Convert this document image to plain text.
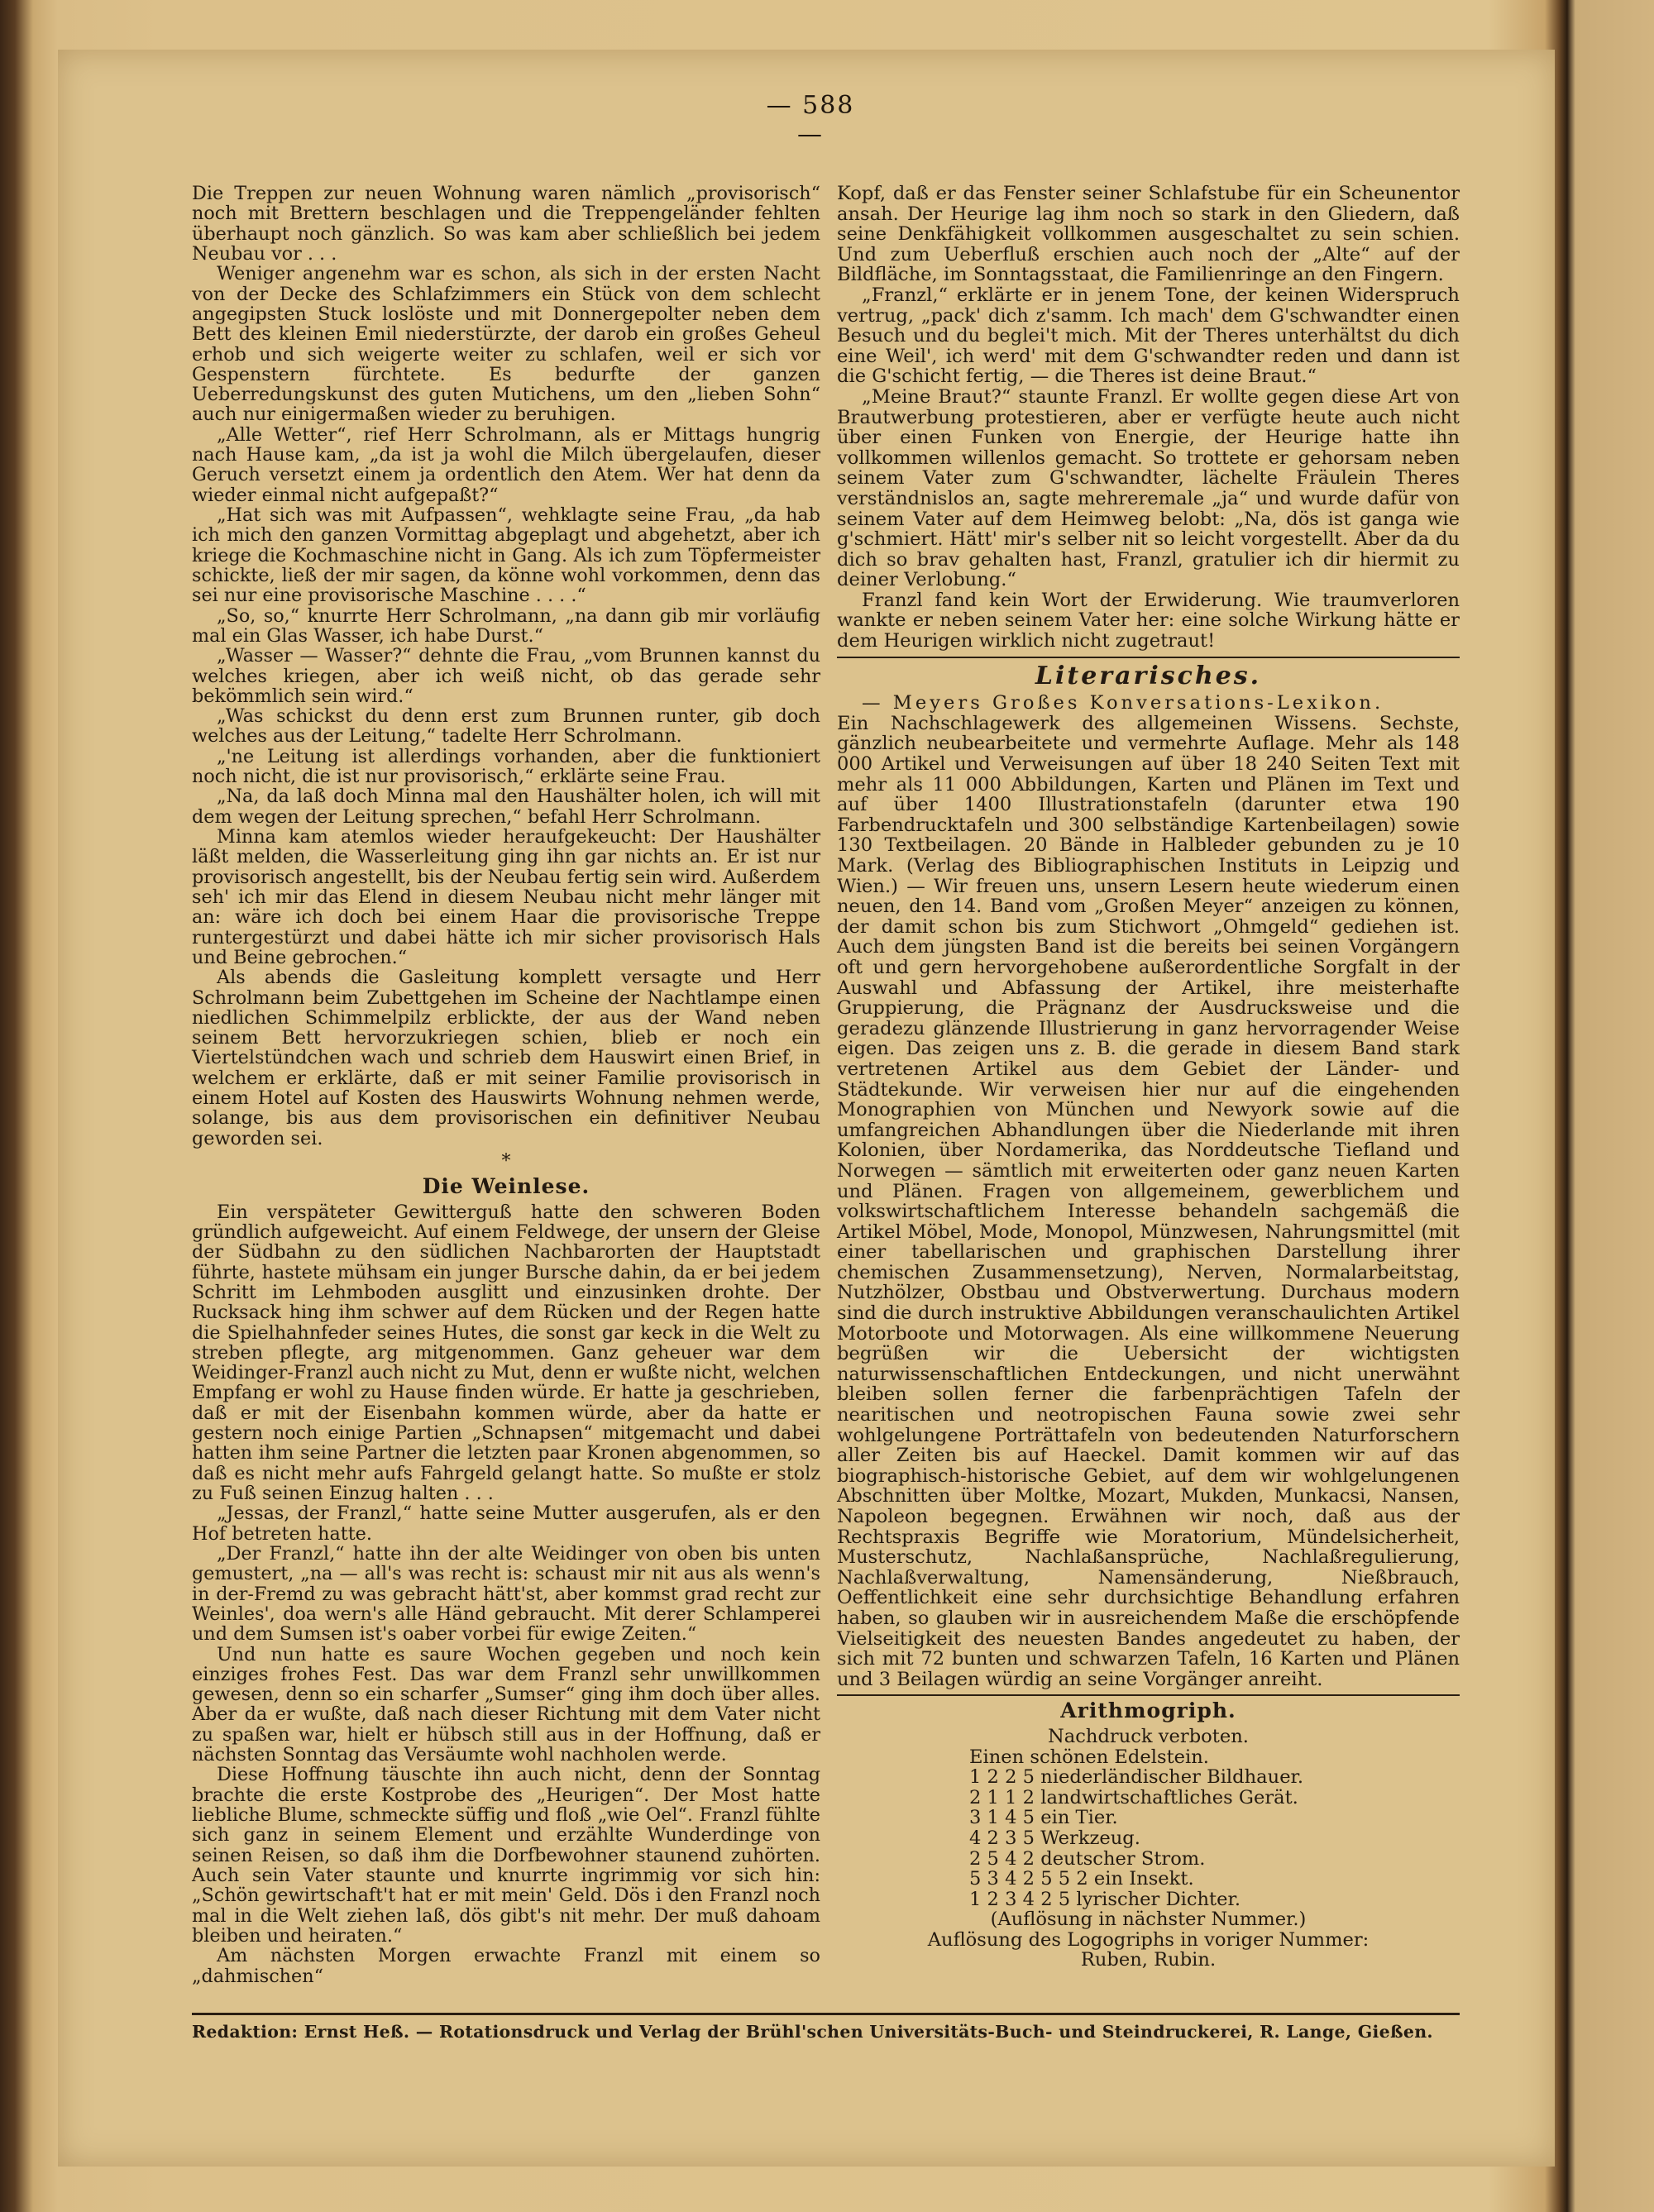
— 588 —

Die Treppen zur neuen Wohnung waren nämlich „provisorisch“ noch mit Brettern beschlagen und die Treppengeländer fehlten überhaupt noch gänzlich. So was kam aber schließlich bei jedem Neubau vor . . .

Weniger angenehm war es schon, als sich in der ersten Nacht von der Decke des Schlafzimmers ein Stück von dem schlecht angegipsten Stuck loslöste und mit Donnergepolter neben dem Bett des kleinen Emil niederstürzte, der darob ein großes Geheul erhob und sich weigerte weiter zu schlafen, weil er sich vor Gespenstern fürchtete. Es bedurfte der ganzen Ueberredungskunst des guten Mutichens, um den „lieben Sohn“ auch nur einigermaßen wieder zu beruhigen.

„Alle Wetter“, rief Herr Schrolmann, als er Mittags hungrig nach Hause kam, „da ist ja wohl die Milch übergelaufen, dieser Geruch versetzt einem ja ordentlich den Atem. Wer hat denn da wieder einmal nicht aufgepaßt?“

„Hat sich was mit Aufpassen“, wehklagte seine Frau, „da hab ich mich den ganzen Vormittag abgeplagt und abgehetzt, aber ich kriege die Kochmaschine nicht in Gang. Als ich zum Töpfermeister schickte, ließ der mir sagen, da könne wohl vorkommen, denn das sei nur eine provisorische Maschine . . . .“

„So, so,“ knurrte Herr Schrolmann, „na dann gib mir vorläufig mal ein Glas Wasser, ich habe Durst.“

„Wasser — Wasser?“ dehnte die Frau, „vom Brunnen kannst du welches kriegen, aber ich weiß nicht, ob das gerade sehr bekömmlich sein wird.“

„Was schickst du denn erst zum Brunnen runter, gib doch welches aus der Leitung,“ tadelte Herr Schrolmann.

„'ne Leitung ist allerdings vorhanden, aber die funktioniert noch nicht, die ist nur provisorisch,“ erklärte seine Frau.

„Na, da laß doch Minna mal den Haushälter holen, ich will mit dem wegen der Leitung sprechen,“ befahl Herr Schrolmann.

Minna kam atemlos wieder heraufgekeucht: Der Haushälter läßt melden, die Wasserleitung ging ihn gar nichts an. Er ist nur provisorisch angestellt, bis der Neubau fertig sein wird. Außerdem seh' ich mir das Elend in diesem Neubau nicht mehr länger mit an: wäre ich doch bei einem Haar die provisorische Treppe runtergestürzt und dabei hätte ich mir sicher provisorisch Hals und Beine gebrochen.“

Als abends die Gasleitung komplett versagte und Herr Schrolmann beim Zubettgehen im Scheine der Nachtlampe einen niedlichen Schimmelpilz erblickte, der aus der Wand neben seinem Bett hervorzukriegen schien, blieb er noch ein Viertelstündchen wach und schrieb dem Hauswirt einen Brief, in welchem er erklärte, daß er mit seiner Familie provisorisch in einem Hotel auf Kosten des Hauswirts Wohnung nehmen werde, solange, bis aus dem provisorischen ein definitiver Neubau geworden sei.

*
Die Weinlese.

Ein verspäteter Gewitterguß hatte den schweren Boden gründlich aufgeweicht. Auf einem Feldwege, der unsern der Gleise der Südbahn zu den südlichen Nachbarorten der Hauptstadt führte, hastete mühsam ein junger Bursche dahin, da er bei jedem Schritt im Lehmboden ausglitt und einzusinken drohte. Der Rucksack hing ihm schwer auf dem Rücken und der Regen hatte die Spielhahnfeder seines Hutes, die sonst gar keck in die Welt zu streben pflegte, arg mitgenommen. Ganz geheuer war dem Weidinger-Franzl auch nicht zu Mut, denn er wußte nicht, welchen Empfang er wohl zu Hause finden würde. Er hatte ja geschrieben, daß er mit der Eisenbahn kommen würde, aber da hatte er gestern noch einige Partien „Schnapsen“ mitgemacht und dabei hatten ihm seine Partner die letzten paar Kronen abgenommen, so daß es nicht mehr aufs Fahrgeld gelangt hatte. So mußte er stolz zu Fuß seinen Einzug halten . . .

„Jessas, der Franzl,“ hatte seine Mutter ausgerufen, als er den Hof betreten hatte.

„Der Franzl,“ hatte ihn der alte Weidinger von oben bis unten gemustert, „na — all's was recht is: schaust mir nit aus als wenn's in der-Fremd zu was gebracht hätt'st, aber kommst grad recht zur Weinles', doa wern's alle Händ gebraucht. Mit derer Schlamperei und dem Sumsen ist's oaber vorbei für ewige Zeiten.“

Und nun hatte es saure Wochen gegeben und noch kein einziges frohes Fest. Das war dem Franzl sehr unwillkommen gewesen, denn so ein scharfer „Sumser“ ging ihm doch über alles. Aber da er wußte, daß nach dieser Richtung mit dem Vater nicht zu spaßen war, hielt er hübsch still aus in der Hoffnung, daß er nächsten Sonntag das Versäumte wohl nachholen werde.

Diese Hoffnung täuschte ihn auch nicht, denn der Sonntag brachte die erste Kostprobe des „Heurigen“. Der Most hatte liebliche Blume, schmeckte süffig und floß „wie Oel“. Franzl fühlte sich ganz in seinem Element und erzählte Wunderdinge von seinen Reisen, so daß ihm die Dorfbewohner staunend zuhörten. Auch sein Vater staunte und knurrte ingrimmig vor sich hin: „Schön gewirtschaft't hat er mit mein' Geld. Dös i den Franzl noch mal in die Welt ziehen laß, dös gibt's nit mehr. Der muß dahoam bleiben und heiraten.“

Am nächsten Morgen erwachte Franzl mit einem so „dahmischen“

Kopf, daß er das Fenster seiner Schlafstube für ein Scheunentor ansah. Der Heurige lag ihm noch so stark in den Gliedern, daß seine Denkfähigkeit vollkommen ausgeschaltet zu sein schien. Und zum Ueberfluß erschien auch noch der „Alte“ auf der Bildfläche, im Sonntagsstaat, die Familienringe an den Fingern.

„Franzl,“ erklärte er in jenem Tone, der keinen Widerspruch vertrug, „pack' dich z'samm. Ich mach' dem G'schwandter einen Besuch und du beglei't mich. Mit der Theres unterhältst du dich eine Weil', ich werd' mit dem G'schwandter reden und dann ist die G'schicht fertig, — die Theres ist deine Braut.“

„Meine Braut?“ staunte Franzl. Er wollte gegen diese Art von Brautwerbung protestieren, aber er verfügte heute auch nicht über einen Funken von Energie, der Heurige hatte ihn vollkommen willenlos gemacht. So trottete er gehorsam neben seinem Vater zum G'schwandter, lächelte Fräulein Theres verständnislos an, sagte mehreremale „ja“ und wurde dafür von seinem Vater auf dem Heimweg belobt: „Na, dös ist ganga wie g'schmiert. Hätt' mir's selber nit so leicht vorgestellt. Aber da du dich so brav gehalten hast, Franzl, gratulier ich dir hiermit zu deiner Verlobung.“

Franzl fand kein Wort der Erwiderung. Wie traumverloren wankte er neben seinem Vater her: eine solche Wirkung hätte er dem Heurigen wirklich nicht zugetraut!

Literarisches.

— Meyers Großes Konversations-Lexikon.

Ein Nachschlagewerk des allgemeinen Wissens. Sechste, gänzlich neubearbeitete und vermehrte Auflage. Mehr als 148 000 Artikel und Verweisungen auf über 18 240 Seiten Text mit mehr als 11 000 Abbildungen, Karten und Plänen im Text und auf über 1400 Illustrationstafeln (darunter etwa 190 Farbendrucktafeln und 300 selbständige Kartenbeilagen) sowie 130 Textbeilagen. 20 Bände in Halbleder gebunden zu je 10 Mark. (Verlag des Bibliographischen Instituts in Leipzig und Wien.) — Wir freuen uns, unsern Lesern heute wiederum einen neuen, den 14. Band vom „Großen Meyer“ anzeigen zu können, der damit schon bis zum Stichwort „Ohmgeld“ gediehen ist. Auch dem jüngsten Band ist die bereits bei seinen Vorgängern oft und gern hervorgehobene außerordentliche Sorgfalt in der Auswahl und Abfassung der Artikel, ihre meisterhafte Gruppierung, die Prägnanz der Ausdrucksweise und die geradezu glänzende Illustrierung in ganz hervorragender Weise eigen. Das zeigen uns z. B. die gerade in diesem Band stark vertretenen Artikel aus dem Gebiet der Länder- und Städtekunde. Wir verweisen hier nur auf die eingehenden Monographien von München und Newyork sowie auf die umfangreichen Abhandlungen über die Niederlande mit ihren Kolonien, über Nordamerika, das Norddeutsche Tiefland und Norwegen — sämtlich mit erweiterten oder ganz neuen Karten und Plänen. Fragen von allgemeinem, gewerblichem und volkswirtschaftlichem Interesse behandeln sachgemäß die Artikel Möbel, Mode, Monopol, Münzwesen, Nahrungsmittel (mit einer tabellarischen und graphischen Darstellung ihrer chemischen Zusammensetzung), Nerven, Normalarbeitstag, Nutzhölzer, Obstbau und Obstverwertung. Durchaus modern sind die durch instruktive Abbildungen veranschaulichten Artikel Motorboote und Motorwagen. Als eine willkommene Neuerung begrüßen wir die Uebersicht der wichtigsten naturwissenschaftlichen Entdeckungen, und nicht unerwähnt bleiben sollen ferner die farbenprächtigen Tafeln der nearitischen und neotropischen Fauna sowie zwei sehr wohlgelungene Porträttafeln von bedeutenden Naturforschern aller Zeiten bis auf Haeckel. Damit kommen wir auf das biographisch-historische Gebiet, auf dem wir wohlgelungenen Abschnitten über Moltke, Mozart, Mukden, Munkacsi, Nansen, Napoleon begegnen. Erwähnen wir noch, daß aus der Rechtspraxis Begriffe wie Moratorium, Mündelsicherheit, Musterschutz, Nachlaßansprüche, Nachlaßregulierung, Nachlaßverwaltung, Namensänderung, Nießbrauch, Oeffentlichkeit eine sehr durchsichtige Behandlung erfahren haben, so glauben wir in ausreichendem Maße die erschöpfende Vielseitigkeit des neuesten Bandes angedeutet zu haben, der sich mit 72 bunten und schwarzen Tafeln, 16 Karten und Plänen und 3 Beilagen würdig an seine Vorgänger anreiht.

Arithmogriph.
Nachdruck verboten.
Einen schönen Edelstein.
1 2 2 5 niederländischer Bildhauer.
2 1 1 2 landwirtschaftliches Gerät.
3 1 4 5 ein Tier.
4 2 3 5 Werkzeug.
2 5 4 2 deutscher Strom.
5 3 4 2 5 5 2 ein Insekt.
1 2 3 4 2 5 lyrischer Dichter.
(Auflösung in nächster Nummer.)
Auflösung des Logogriphs in voriger Nummer:
Ruben, Rubin.
Redaktion: Ernst Heß. — Rotationsdruck und Verlag der Brühl'schen Universitäts-Buch- und Steindruckerei, R. Lange, Gießen.
